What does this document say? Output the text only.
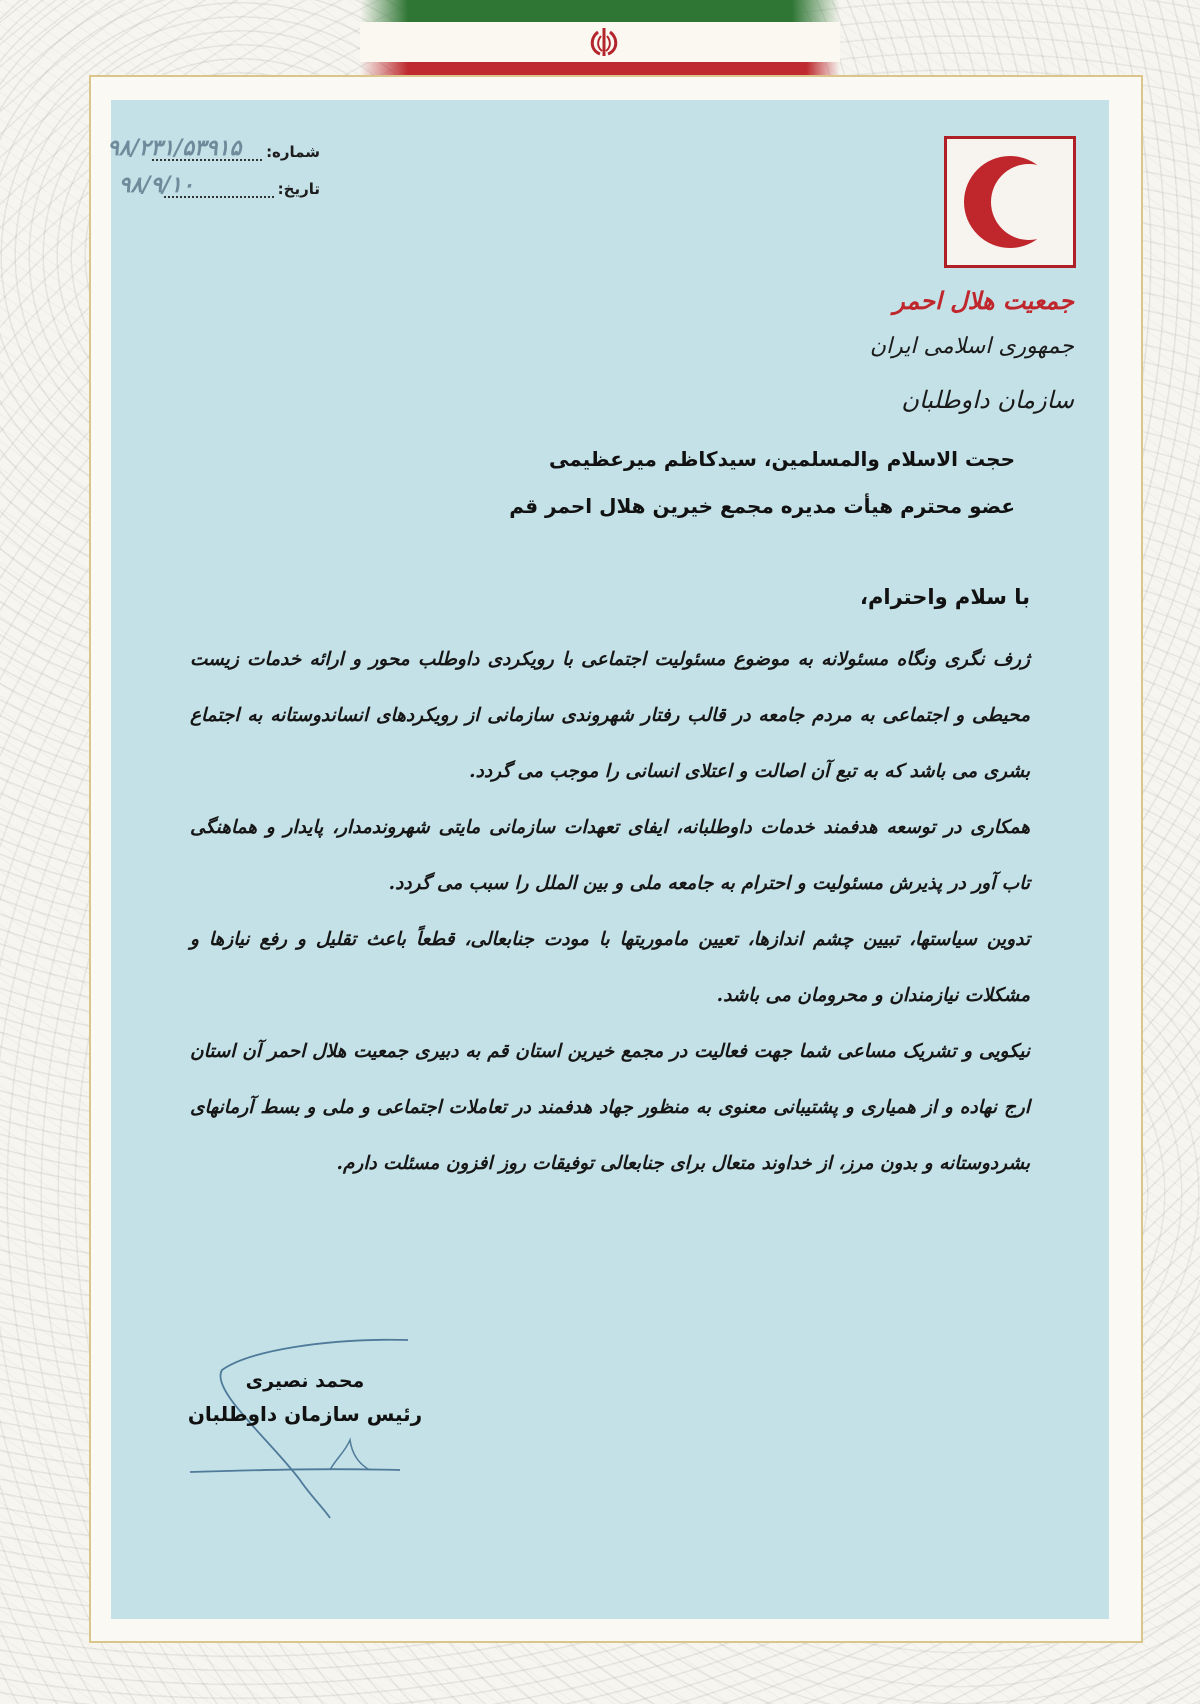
جمعیت هلال احمر
جمهوری اسلامی ایران
سازمان داوطلبان
شماره:
۹۸/۲۳۱/۵۳۹۱۵
تاریخ:
۹۸/۹/۱۰
حجت الاسلام والمسلمین، سیدکاظم میرعظیمی
عضو محترم هیأت مدیره مجمع خیرین هلال احمر قم
با سلام واحترام،

ژرف نگری ونگاه مسئولانه به موضوع مسئولیت اجتماعی با رویکردی داوطلب محور و ارائه خدمات زیست محیطی و اجتماعی به مردم جامعه در قالب رفتار شهروندی سازمانی از رویکردهای انساندوستانه به اجتماع بشری می باشد که به تبع آن اصالت و اعتلای انسانی را موجب می گردد.

همکاری در توسعه هدفمند خدمات داوطلبانه، ایفای تعهدات سازمانی مایتی شهروندمدار، پایدار و هماهنگی تاب آور در پذیرش مسئولیت و احترام به جامعه ملی و بین الملل را سبب می گردد.

تدوین سیاستها، تبیین چشم اندازها، تعیین ماموریتها با مودت جنابعالی، قطعاً باعث تقلیل و رفع نیازها و مشکلات نیازمندان و محرومان می باشد.

نیکویی و تشریک مساعی شما جهت فعالیت در مجمع خیرین استان قم به دبیری جمعیت هلال احمر آن استان ارج نهاده و از همیاری و پشتیبانی معنوی به منظور جهاد هدفمند در تعاملات اجتماعی و ملی و بسط آرمانهای بشردوستانه و بدون مرز، از خداوند متعال برای جنابعالی توفیقات روز افزون مسئلت دارم.

محمد نصیری
رئیس سازمان داوطلبان
